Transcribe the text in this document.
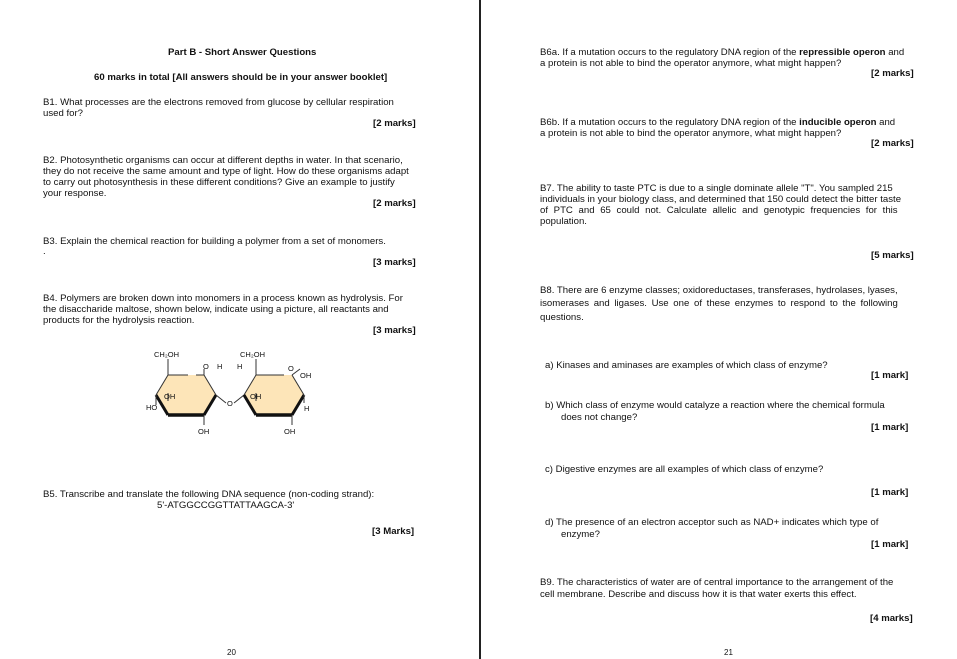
Part B - Short Answer Questions

60 marks in total [All answers should be in your answer booklet]

B1. What processes are the electrons removed from glucose by cellular respiration

used for?

[2 marks]

B2. Photosynthetic organisms can occur at different depths in water. In that scenario,

they do not receive the same amount and type of light. How do these organisms adapt

to carry out photosynthesis in these different conditions? Give an example to justify

your response.

[2 marks]

B3. Explain the chemical reaction for building a polymer from a set of monomers.

.

[3 marks]

B4. Polymers are broken down into monomers in a process known as hydrolysis. For

the disaccharide maltose, shown below, indicate using a picture, all reactants and

products for the hydrolysis reaction.

[3 marks]

CH₂OH	CH₂OH
O H H	O
OH	OH
OH
HO	H
O
OH	OH

B5. Transcribe and translate the following DNA sequence (non-coding strand):

5'-ATGGCCGGTTATTAAGCA-3'

[3 Marks]

20

B6a. If a mutation occurs to the regulatory DNA region of the repressible operon and

a protein is not able to bind the operator anymore, what might happen?

[2 marks]

B6b. If a mutation occurs to the regulatory DNA region of the inducible operon and

a protein is not able to bind the operator anymore, what might happen?

[2 marks]

B7. The ability to taste PTC is due to a single dominate allele "T". You sampled 215

individuals in your biology class, and determined that 150 could detect the bitter taste

of PTC and 65 could not. Calculate allelic and genotypic frequencies for this

population.

[5 marks]

B8. There are 6 enzyme classes; oxidoreductases, transferases, hydrolases, lyases,

isomerases and ligases. Use one of these enzymes to respond to the following

questions.

a) Kinases and aminases are examples of which class of enzyme?

[1 mark]

b) Which class of enzyme would catalyze a reaction where the chemical formula

does not change?

[1 mark]

c) Digestive enzymes are all examples of which class of enzyme?

[1 mark]

d) The presence of an electron acceptor such as NAD+ indicates which type of

enzyme?

[1 mark]

B9. The characteristics of water are of central importance to the arrangement of the

cell membrane. Describe and discuss how it is that water exerts this effect.

[4 marks]

21
